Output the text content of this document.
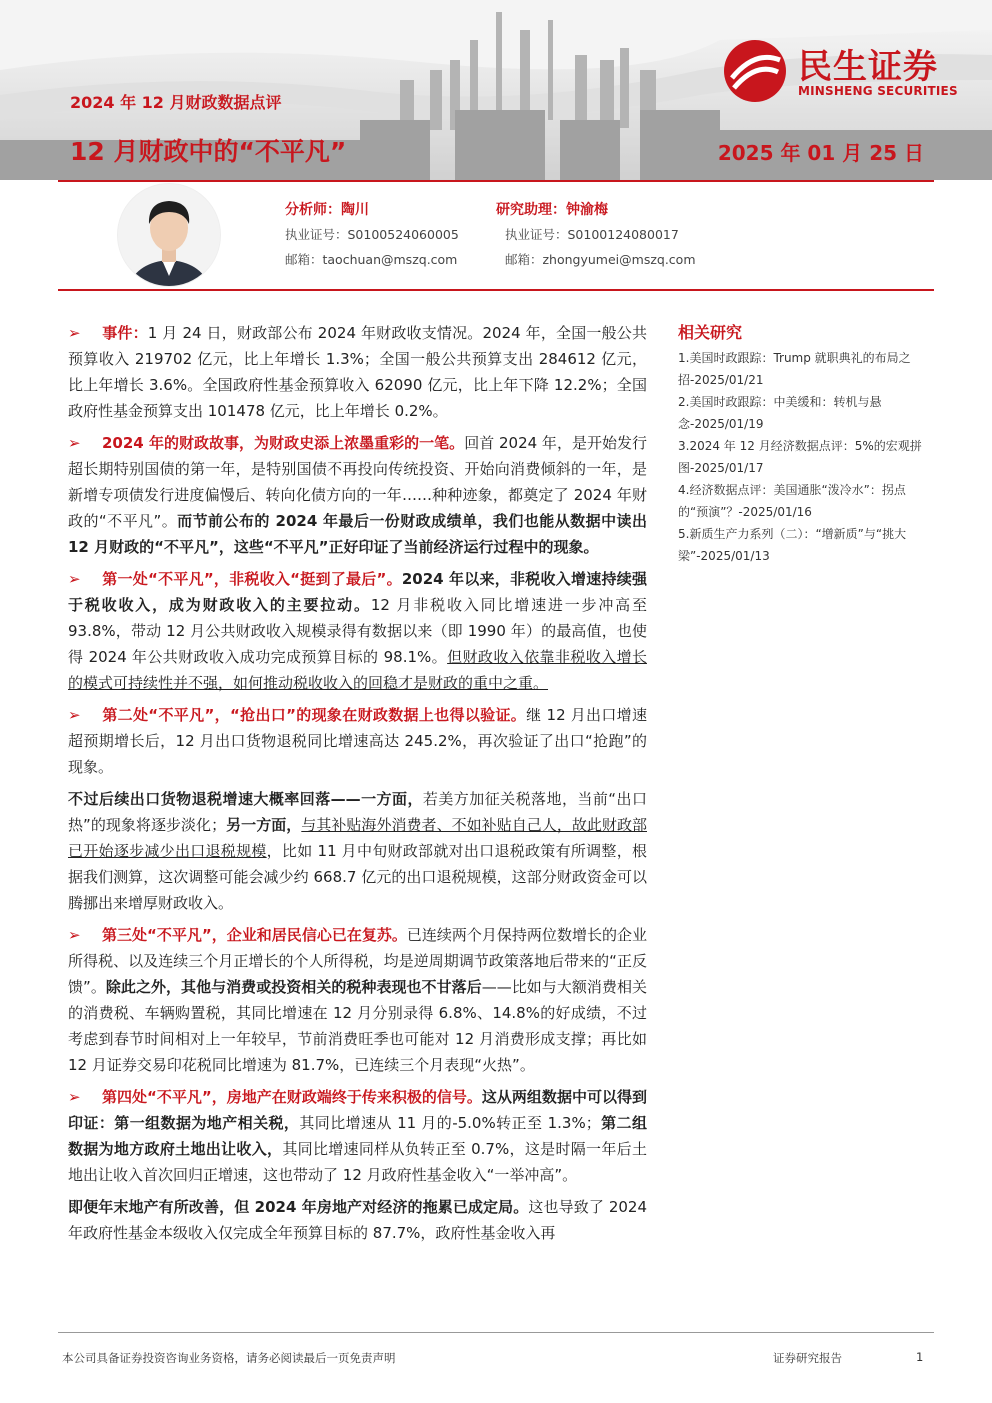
民生证券
MINSHENG SECURITIES
2024 年 12 月财政数据点评
12 月财政中的“不平凡”	2025 年 01 月 25 日
分析师：陶川
执业证号：S0100524060005
邮箱：taochuan@mszq.com
研究助理：钟渝梅
执业证号：S0100124080017
邮箱：zhongyumei@mszq.com

➢ 事件：1 月 24 日，财政部公布 2024 年财政收支情况。2024 年，全国一般公共预算收入 219702 亿元，比上年增长 1.3%；全国一般公共预算支出 284612 亿元，比上年增长 3.6%。全国政府性基金预算收入 62090 亿元，比上年下降 12.2%；全国政府性基金预算支出 101478 亿元，比上年增长 0.2%。

➢ 2024 年的财政故事，为财政史添上浓墨重彩的一笔。回首 2024 年，是开始发行超长期特别国债的第一年，是特别国债不再投向传统投资、开始向消费倾斜的一年，是新增专项债发行进度偏慢后、转向化债方向的一年……种种迹象，都奠定了 2024 年财政的“不平凡”。而节前公布的 2024 年最后一份财政成绩单，我们也能从数据中读出 12 月财政的“不平凡”，这些“不平凡”正好印证了当前经济运行过程中的现象。

➢ 第一处“不平凡”，非税收入“挺到了最后”。2024 年以来，非税收入增速持续强于税收收入，成为财政收入的主要拉动。12 月非税收入同比增速进一步冲高至 93.8%，带动 12 月公共财政收入规模录得有数据以来（即 1990 年）的最高值，也使得 2024 年公共财政收入成功完成预算目标的 98.1%。但财政收入依靠非税收入增长的模式可持续性并不强，如何推动税收收入的回稳才是财政的重中之重。

➢ 第二处“不平凡”，“抢出口”的现象在财政数据上也得以验证。继 12 月出口增速超预期增长后，12 月出口货物退税同比增速高达 245.2%，再次验证了出口“抢跑”的现象。

不过后续出口货物退税增速大概率回落——一方面，若美方加征关税落地，当前“出口热”的现象将逐步淡化；另一方面，与其补贴海外消费者、不如补贴自己人，故此财政部已开始逐步减少出口退税规模，比如 11 月中旬财政部就对出口退税政策有所调整，根据我们测算，这次调整可能会减少约 668.7 亿元的出口退税规模，这部分财政资金可以腾挪出来增厚财政收入。

➢ 第三处“不平凡”，企业和居民信心已在复苏。已连续两个月保持两位数增长的企业所得税、以及连续三个月正增长的个人所得税，均是逆周期调节政策落地后带来的“正反馈”。除此之外，其他与消费或投资相关的税种表现也不甘落后——比如与大额消费相关的消费税、车辆购置税，其同比增速在 12 月分别录得 6.8%、14.8%的好成绩，不过考虑到春节时间相对上一年较早，节前消费旺季也可能对 12 月消费形成支撑；再比如 12 月证券交易印花税同比增速为 81.7%，已连续三个月表现“火热”。

➢ 第四处“不平凡”，房地产在财政端终于传来积极的信号。这从两组数据中可以得到印证：第一组数据为地产相关税，其同比增速从 11 月的-5.0%转正至 1.3%；第二组数据为地方政府土地出让收入，其同比增速同样从负转正至 0.7%，这是时隔一年后土地出让收入首次回归正增速，这也带动了 12 月政府性基金收入“一举冲高”。

即便年末地产有所改善，但 2024 年房地产对经济的拖累已成定局。这也导致了 2024 年政府性基金本级收入仅完成全年预算目标的 87.7%，政府性基金收入再

相关研究
1.美国时政跟踪：Trump 就职典礼的布局之招-2025/01/21
2.美国时政跟踪：中美缓和：转机与悬念-2025/01/19
3.2024 年 12 月经济数据点评：5%的宏观拼图-2025/01/17
4.经济数据点评：美国通胀“泼冷水”：拐点的“预演”？-2025/01/16
5.新质生产力系列（二）：“增新质”与“挑大梁”-2025/01/13
本公司具备证券投资咨询业务资格，请务必阅读最后一页免责声明	证券研究报告	1
